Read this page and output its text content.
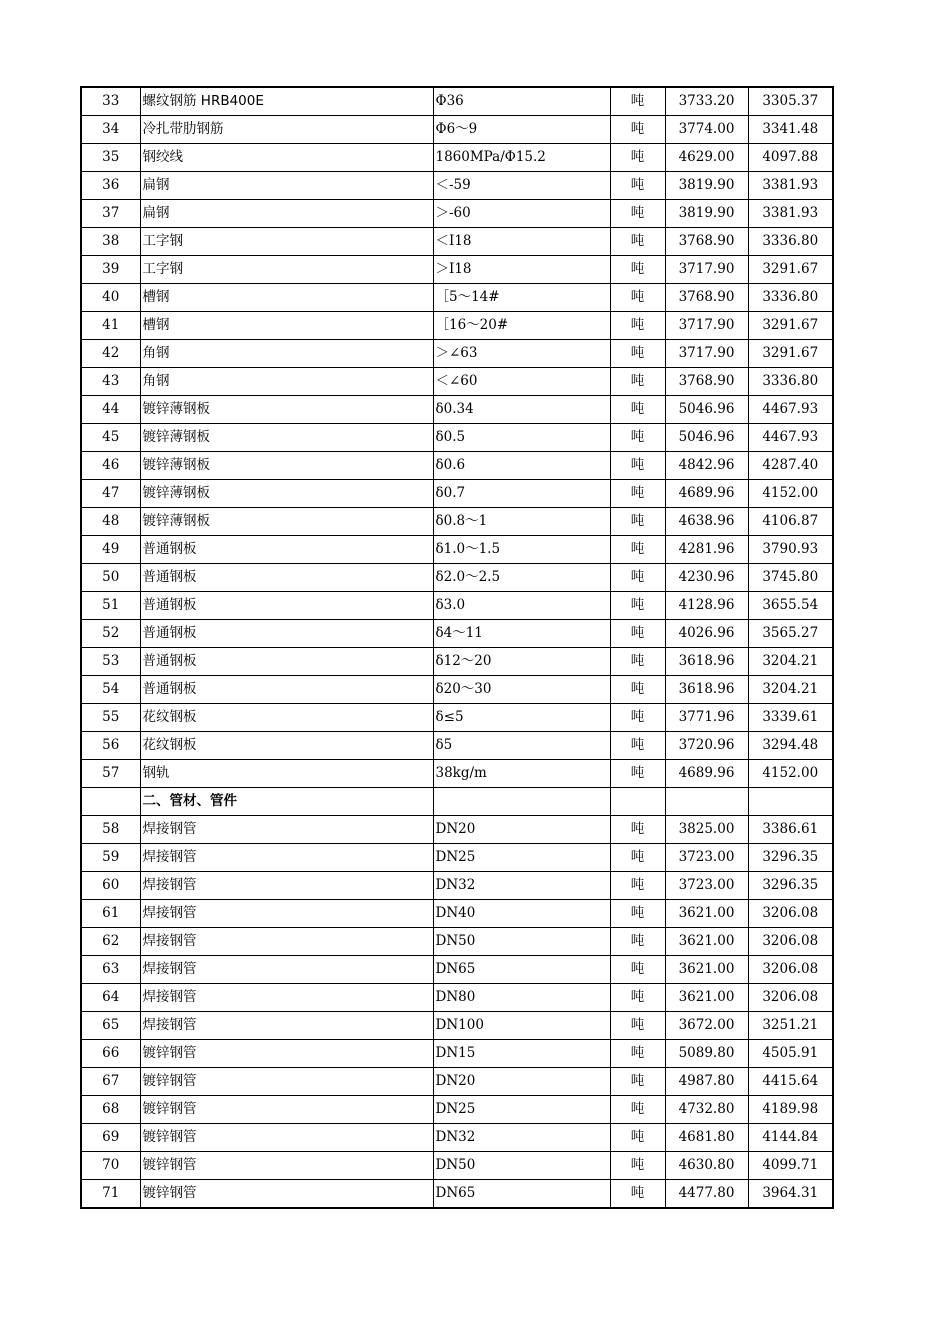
33	螺纹钢筋 HRB400E	Φ36	吨	3733.20	3305.37
34	冷扎带肋钢筋	Φ6～9	吨	3774.00	3341.48
35	钢绞线	1860MPa/Φ15.2	吨	4629.00	4097.88
36	扁钢	＜-59	吨	3819.90	3381.93
37	扁钢	＞-60	吨	3819.90	3381.93
38	工字钢	＜Ⅰ18	吨	3768.90	3336.80
39	工字钢	＞Ⅰ18	吨	3717.90	3291.67
40	槽钢	［5～14#	吨	3768.90	3336.80
41	槽钢	［16～20#	吨	3717.90	3291.67
42	角钢	＞∠63	吨	3717.90	3291.67
43	角钢	＜∠60	吨	3768.90	3336.80
44	镀锌薄钢板	δ0.34	吨	5046.96	4467.93
45	镀锌薄钢板	δ0.5	吨	5046.96	4467.93
46	镀锌薄钢板	δ0.6	吨	4842.96	4287.40
47	镀锌薄钢板	δ0.7	吨	4689.96	4152.00
48	镀锌薄钢板	δ0.8～1	吨	4638.96	4106.87
49	普通钢板	δ1.0～1.5	吨	4281.96	3790.93
50	普通钢板	δ2.0～2.5	吨	4230.96	3745.80
51	普通钢板	δ3.0	吨	4128.96	3655.54
52	普通钢板	δ4～11	吨	4026.96	3565.27
53	普通钢板	δ12～20	吨	3618.96	3204.21
54	普通钢板	δ20～30	吨	3618.96	3204.21
55	花纹钢板	δ≤5	吨	3771.96	3339.61
56	花纹钢板	δ5	吨	3720.96	3294.48
57	钢轨	38kg/m	吨	4689.96	4152.00
	二、管材、管件				
58	焊接钢管	DN20	吨	3825.00	3386.61
59	焊接钢管	DN25	吨	3723.00	3296.35
60	焊接钢管	DN32	吨	3723.00	3296.35
61	焊接钢管	DN40	吨	3621.00	3206.08
62	焊接钢管	DN50	吨	3621.00	3206.08
63	焊接钢管	DN65	吨	3621.00	3206.08
64	焊接钢管	DN80	吨	3621.00	3206.08
65	焊接钢管	DN100	吨	3672.00	3251.21
66	镀锌钢管	DN15	吨	5089.80	4505.91
67	镀锌钢管	DN20	吨	4987.80	4415.64
68	镀锌钢管	DN25	吨	4732.80	4189.98
69	镀锌钢管	DN32	吨	4681.80	4144.84
70	镀锌钢管	DN50	吨	4630.80	4099.71
71	镀锌钢管	DN65	吨	4477.80	3964.31
